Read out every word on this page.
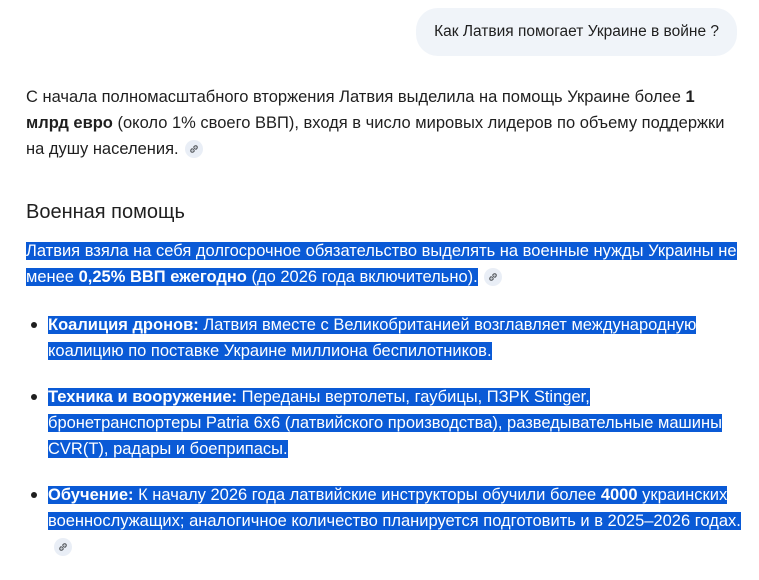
Как Латвия помогает Украине в войне ?

С начала полномасштабного вторжения Латвия выделила на помощь Украине более 1 млрд евро (около 1% своего ВВП), входя в число мировых лидеров по объему поддержки на душу населения.

Военная помощь

Латвия взяла на себя долгосрочное обязательство выделять на военные нужды Украины не менее 0,25% ВВП ежегодно (до 2026 года включительно).

Коалиция дронов: Латвия вместе с Великобританией возглавляет международную коалицию по поставке Украине миллиона беспилотников.
Техника и вооружение: Переданы вертолеты, гаубицы, ПЗРК Stinger, бронетранспортеры Patria 6x6 (латвийского производства), разведывательные машины CVR(T), радары и боеприпасы.
Обучение: К началу 2026 года латвийские инструкторы обучили более 4000 украинских военнослужащих; аналогичное количество планируется подготовить и в 2025–2026 годах.
